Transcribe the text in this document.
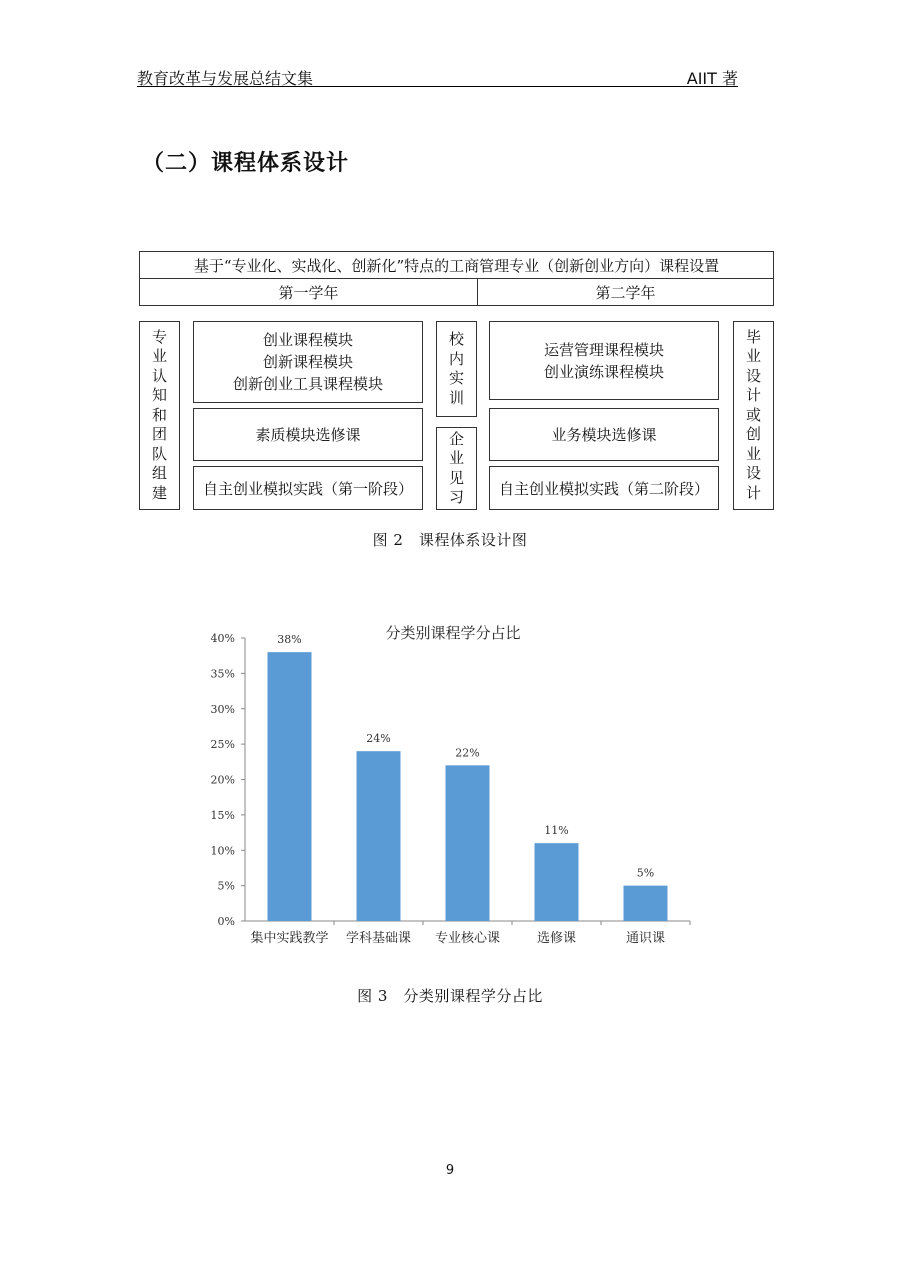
教育改革与发展总结文集	AIIT 著
（二）课程体系设计
基于“专业化、实战化、创新化”特点的工商管理专业（创新创业方向）课程设置
第一学年	第二学年
专
业
认
知
和
团
队
组
建
创业课程模块
创新课程模块
创新创业工具课程模块
素质模块选修课
自主创业模拟实践（第一阶段）
校
内
实
训
企
业
见
习
运营管理课程模块
创业演练课程模块
业务模块选修课
自主创业模拟实践（第二阶段）
毕
业
设
计
或
创
业
设
计
图 2　课程体系设计图
分类别课程学分占比
0%
5%
10%
15%
20%
25%
30%
35%
40%	38%
集中实践教学
24%
学科基础课
22%
专业核心课
11%
选修课
5%
通识课
图 3　分类别课程学分占比
9
